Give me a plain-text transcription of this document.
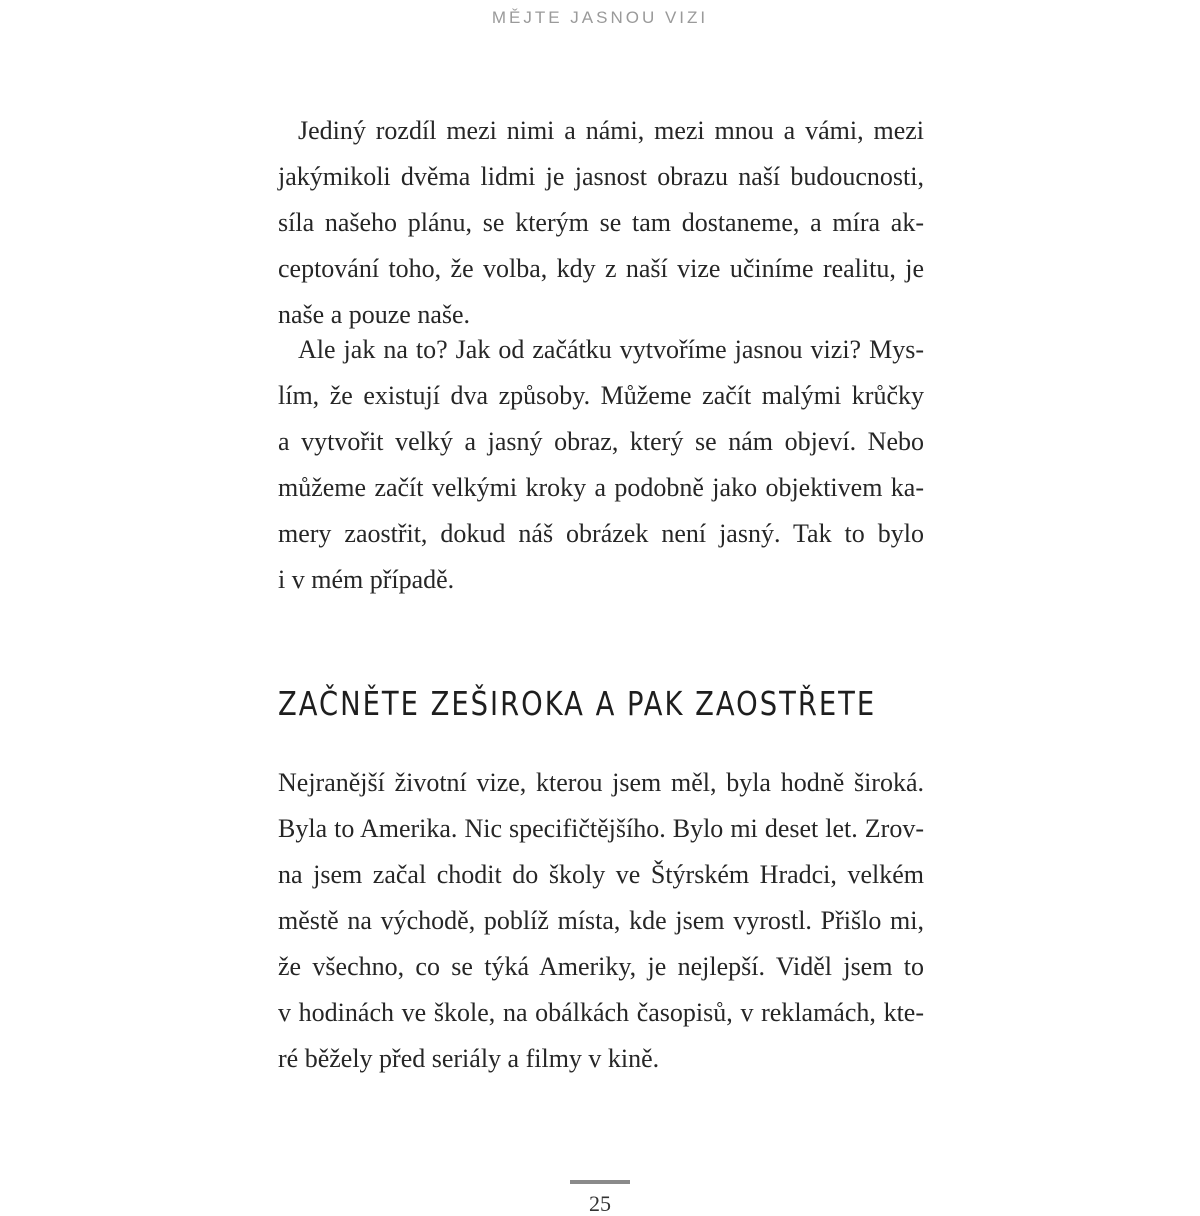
MĚJTE JASNOU VIZI
Jediný rozdíl mezi nimi a námi, mezi mnou a vámi, mezi
jakýmikoli dvěma lidmi je jasnost obrazu naší budoucnosti,
síla našeho plánu, se kterým se tam dostaneme, a míra ak-
ceptování toho, že volba, kdy z naší vize učiníme realitu, je
naše a pouze naše.
Ale jak na to? Jak od začátku vytvoříme jasnou vizi? Mys-
lím, že existují dva způsoby. Můžeme začít malými krůčky
a vytvořit velký a jasný obraz, který se nám objeví. Nebo
můžeme začít velkými kroky a podobně jako objektivem ka-
mery zaostřit, dokud náš obrázek není jasný. Tak to bylo
i v mém případě.
ZAČNĚTE ZEŠIROKA A PAK ZAOSTŘETE
Nejranější životní vize, kterou jsem měl, byla hodně široká.
Byla to Amerika. Nic specifičtějšího. Bylo mi deset let. Zrov-
na jsem začal chodit do školy ve Štýrském Hradci, velkém
městě na východě, poblíž místa, kde jsem vyrostl. Přišlo mi,
že všechno, co se týká Ameriky, je nejlepší. Viděl jsem to
v hodinách ve škole, na obálkách časopisů, v reklamách, kte-
ré běžely před seriály a filmy v kině.
25
